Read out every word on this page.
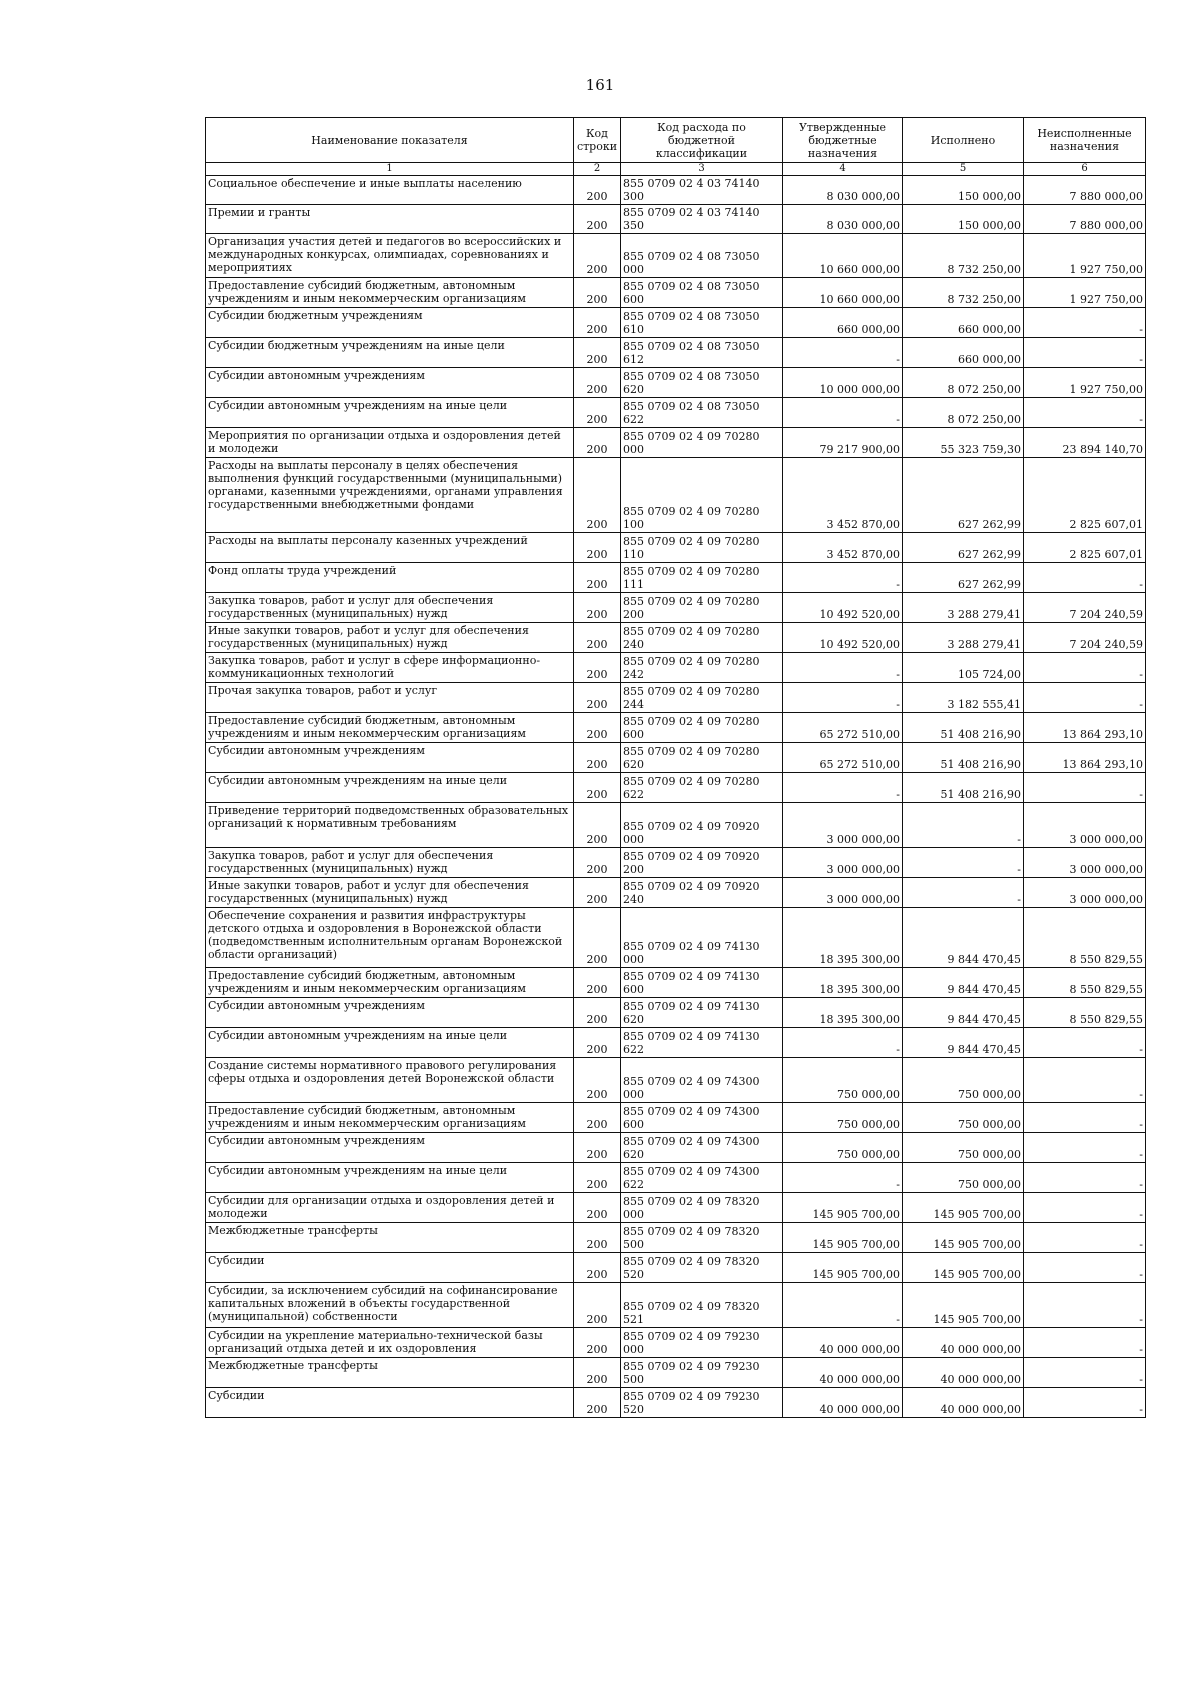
161
Наименование показателя	Код строки	Код расхода по бюджетной классификации	Утвержденные бюджетные назначения	Исполнено	Неисполненные назначения
1	2	3	4	5	6
Социальное обеспечение и иные выплаты населению	200	855 0709 02 4 03 74140 300	8 030 000,00	150 000,00	7 880 000,00
Премии и гранты	200	855 0709 02 4 03 74140 350	8 030 000,00	150 000,00	7 880 000,00
Организация участия детей и педагогов во всероссийских и международных конкурсах, олимпиадах, соревнованиях и мероприятиях	200	855 0709 02 4 08 73050 000	10 660 000,00	8 732 250,00	1 927 750,00
Предоставление субсидий бюджетным, автономным учреждениям и иным некоммерческим организациям	200	855 0709 02 4 08 73050 600	10 660 000,00	8 732 250,00	1 927 750,00
Субсидии бюджетным учреждениям	200	855 0709 02 4 08 73050 610	660 000,00	660 000,00	-
Субсидии бюджетным учреждениям на иные цели	200	855 0709 02 4 08 73050 612	-	660 000,00	-
Субсидии автономным учреждениям	200	855 0709 02 4 08 73050 620	10 000 000,00	8 072 250,00	1 927 750,00
Субсидии автономным учреждениям на иные цели	200	855 0709 02 4 08 73050 622	-	8 072 250,00	-
Мероприятия по организации отдыха и оздоровления детей и молодежи	200	855 0709 02 4 09 70280 000	79 217 900,00	55 323 759,30	23 894 140,70
Расходы на выплаты персоналу в целях обеспечения выполнения функций государственными (муниципальными) органами, казенными учреждениями, органами управления государственными внебюджетными фондами	200	855 0709 02 4 09 70280 100	3 452 870,00	627 262,99	2 825 607,01
Расходы на выплаты персоналу казенных учреждений	200	855 0709 02 4 09 70280 110	3 452 870,00	627 262,99	2 825 607,01
Фонд оплаты труда учреждений	200	855 0709 02 4 09 70280 111	-	627 262,99	-
Закупка товаров, работ и услуг для обеспечения государственных (муниципальных) нужд	200	855 0709 02 4 09 70280 200	10 492 520,00	3 288 279,41	7 204 240,59
Иные закупки товаров, работ и услуг для обеспечения государственных (муниципальных) нужд	200	855 0709 02 4 09 70280 240	10 492 520,00	3 288 279,41	7 204 240,59
Закупка товаров, работ и услуг в сфере информационно-коммуникационных технологий	200	855 0709 02 4 09 70280 242	-	105 724,00	-
Прочая закупка товаров, работ и услуг	200	855 0709 02 4 09 70280 244	-	3 182 555,41	-
Предоставление субсидий бюджетным, автономным учреждениям и иным некоммерческим организациям	200	855 0709 02 4 09 70280 600	65 272 510,00	51 408 216,90	13 864 293,10
Субсидии автономным учреждениям	200	855 0709 02 4 09 70280 620	65 272 510,00	51 408 216,90	13 864 293,10
Субсидии автономным учреждениям на иные цели	200	855 0709 02 4 09 70280 622	-	51 408 216,90	-
Приведение территорий подведомственных образовательных организаций к нормативным требованиям	200	855 0709 02 4 09 70920 000	3 000 000,00	-	3 000 000,00
Закупка товаров, работ и услуг для обеспечения государственных (муниципальных) нужд	200	855 0709 02 4 09 70920 200	3 000 000,00	-	3 000 000,00
Иные закупки товаров, работ и услуг для обеспечения государственных (муниципальных) нужд	200	855 0709 02 4 09 70920 240	3 000 000,00	-	3 000 000,00
Обеспечение сохранения и развития инфраструктуры детского отдыха и оздоровления в Воронежской области (подведомственным исполнительным органам Воронежской области организаций)	200	855 0709 02 4 09 74130 000	18 395 300,00	9 844 470,45	8 550 829,55
Предоставление субсидий бюджетным, автономным учреждениям и иным некоммерческим организациям	200	855 0709 02 4 09 74130 600	18 395 300,00	9 844 470,45	8 550 829,55
Субсидии автономным учреждениям	200	855 0709 02 4 09 74130 620	18 395 300,00	9 844 470,45	8 550 829,55
Субсидии автономным учреждениям на иные цели	200	855 0709 02 4 09 74130 622	-	9 844 470,45	-
Создание системы нормативного правового регулирования сферы отдыха и оздоровления детей Воронежской области	200	855 0709 02 4 09 74300 000	750 000,00	750 000,00	-
Предоставление субсидий бюджетным, автономным учреждениям и иным некоммерческим организациям	200	855 0709 02 4 09 74300 600	750 000,00	750 000,00	-
Субсидии автономным учреждениям	200	855 0709 02 4 09 74300 620	750 000,00	750 000,00	-
Субсидии автономным учреждениям на иные цели	200	855 0709 02 4 09 74300 622	-	750 000,00	-
Субсидии для организации отдыха и оздоровления детей и молодежи	200	855 0709 02 4 09 78320 000	145 905 700,00	145 905 700,00	-
Межбюджетные трансферты	200	855 0709 02 4 09 78320 500	145 905 700,00	145 905 700,00	-
Субсидии	200	855 0709 02 4 09 78320 520	145 905 700,00	145 905 700,00	-
Субсидии, за исключением субсидий на софинансирование капитальных вложений в объекты государственной (муниципальной) собственности	200	855 0709 02 4 09 78320 521	-	145 905 700,00	-
Субсидии на укрепление материально-технической базы организаций отдыха детей и их оздоровления	200	855 0709 02 4 09 79230 000	40 000 000,00	40 000 000,00	-
Межбюджетные трансферты	200	855 0709 02 4 09 79230 500	40 000 000,00	40 000 000,00	-
Субсидии	200	855 0709 02 4 09 79230 520	40 000 000,00	40 000 000,00	-
